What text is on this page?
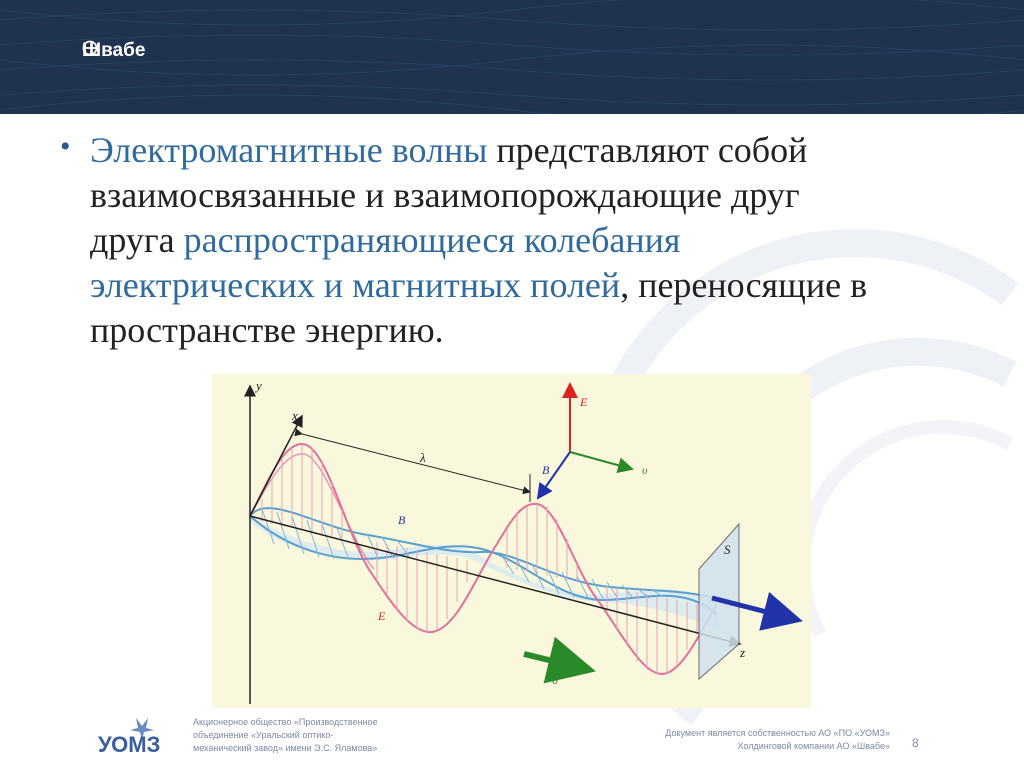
Швабе
• Электромагнитные волны представляют собой
взаимосвязанные и взаимопорождающие друг
друга распространяющиеся колебания
электрических и магнитных полей, переносящие в
пространстве энергию.
y
x
z
λ
E
B	υ
B
E
S
I
υ
УОМЗ
Акционерное общество «Производственное
объединение «Уральский оптико-
механический завод» имени Э.С. Яламова»
Документ является собственностью АО «ПО «УОМЗ»
Холдинговой компании АО «Швабе» 8
